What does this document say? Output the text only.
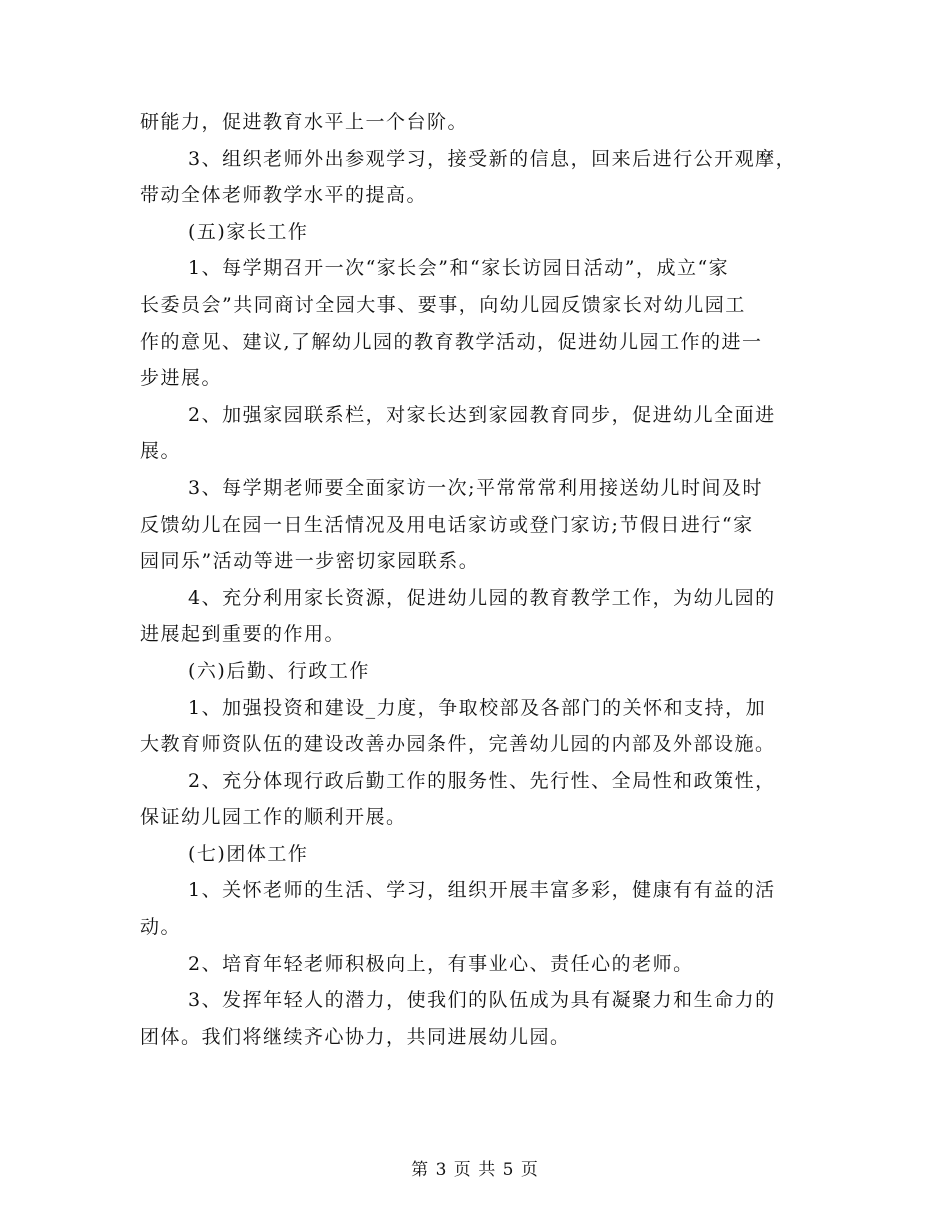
研能力，促进教育水平上一个台阶。
3、组织老师外出参观学习，接受新的信息，回来后进行公开观摩，
带动全体老师教学水平的提高。
(五)家长工作
1、每学期召开一次“家长会”和“家长访园日活动”，成立“家
长委员会”共同商讨全园大事、要事，向幼儿园反馈家长对幼儿园工
作的意见、建议,了解幼儿园的教育教学活动，促进幼儿园工作的进一
步进展。
2、加强家园联系栏，对家长达到家园教育同步，促进幼儿全面进
展。
3、每学期老师要全面家访一次;平常常常利用接送幼儿时间及时
反馈幼儿在园一日生活情况及用电话家访或登门家访;节假日进行“家
园同乐”活动等进一步密切家园联系。
4、充分利用家长资源，促进幼儿园的教育教学工作，为幼儿园的
进展起到重要的作用。
(六)后勤、行政工作
1、加强投资和建设_力度，争取校部及各部门的关怀和支持，加
大教育师资队伍的建设改善办园条件，完善幼儿园的内部及外部设施。
2、充分体现行政后勤工作的服务性、先行性、全局性和政策性，
保证幼儿园工作的顺利开展。
(七)团体工作
1、关怀老师的生活、学习，组织开展丰富多彩，健康有有益的活
动。
2、培育年轻老师积极向上，有事业心、责任心的老师。
3、发挥年轻人的潜力，使我们的队伍成为具有凝聚力和生命力的
团体。我们将继续齐心协力，共同进展幼儿园。
第 3 页 共 5 页
